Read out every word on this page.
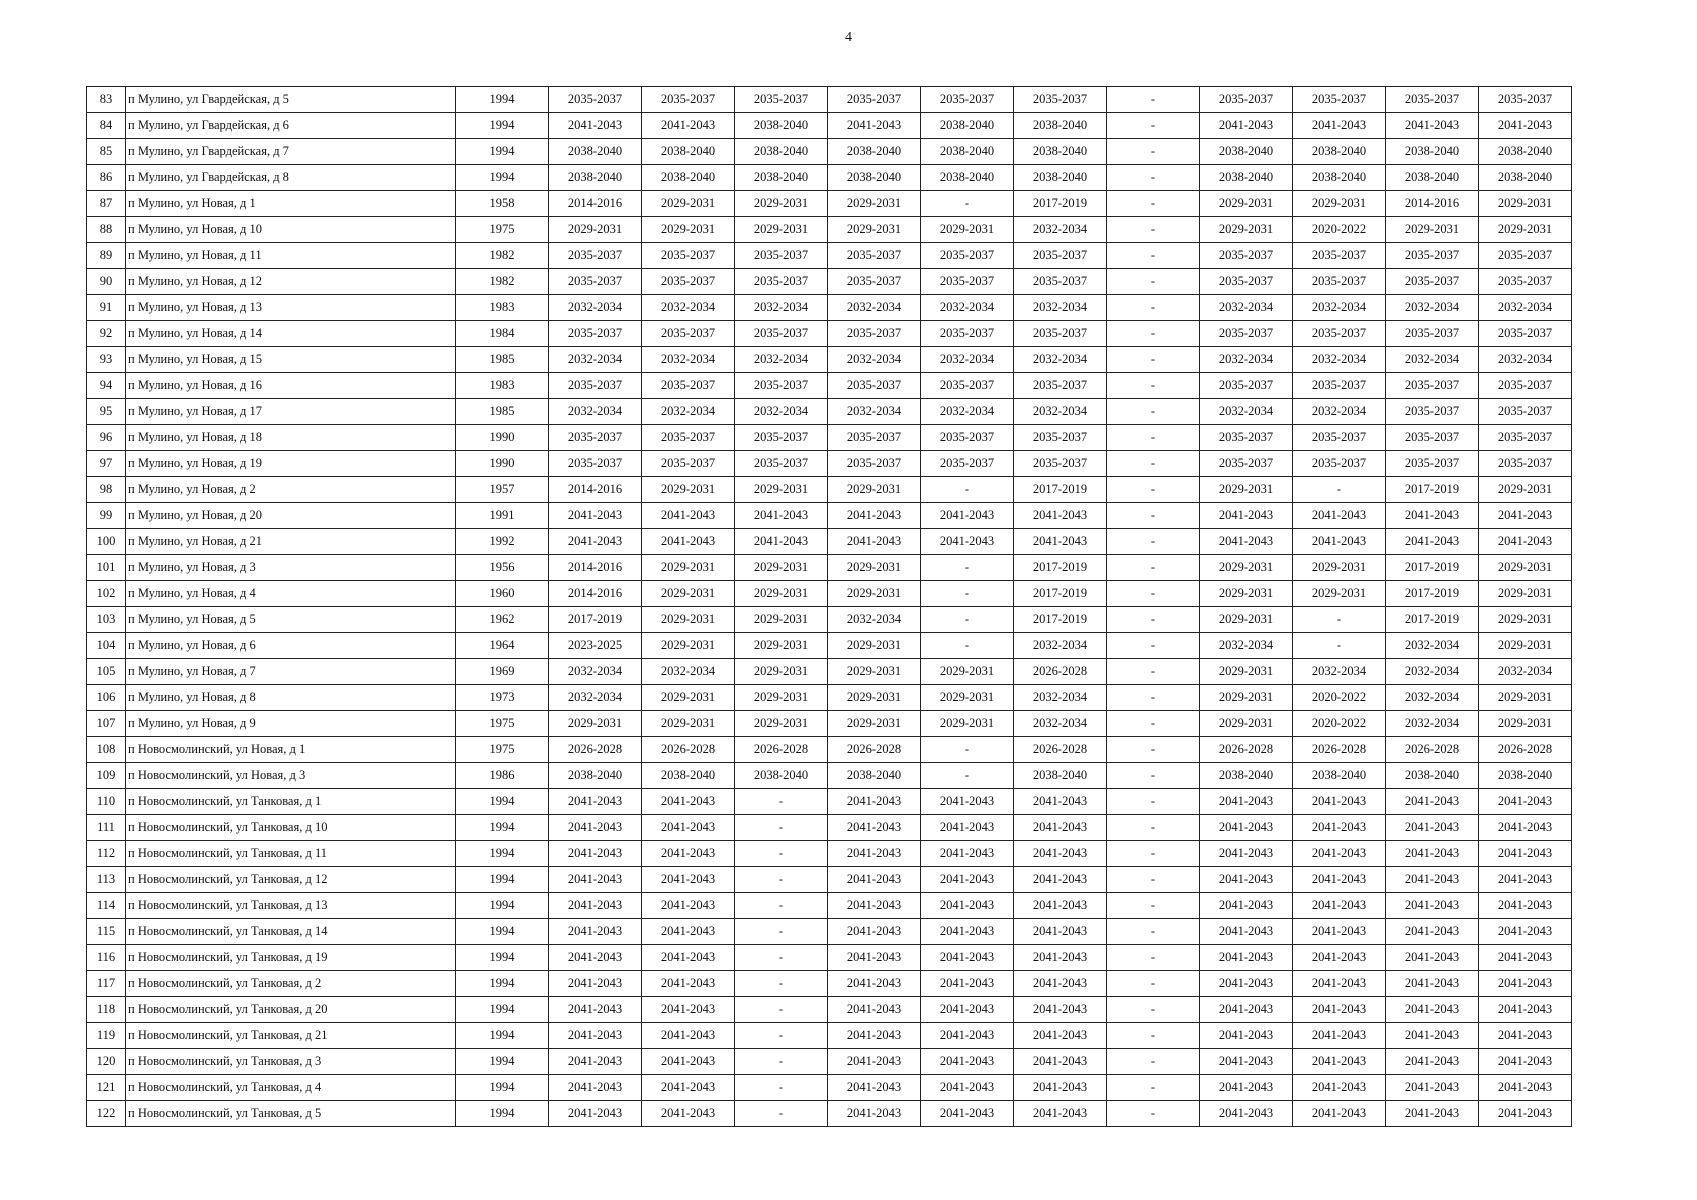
4
83	п Мулино, ул Гвардейская, д 5	1994	2035-2037	2035-2037	2035-2037	2035-2037	2035-2037	2035-2037	-	2035-2037	2035-2037	2035-2037	2035-2037
84	п Мулино, ул Гвардейская, д 6	1994	2041-2043	2041-2043	2038-2040	2041-2043	2038-2040	2038-2040	-	2041-2043	2041-2043	2041-2043	2041-2043
85	п Мулино, ул Гвардейская, д 7	1994	2038-2040	2038-2040	2038-2040	2038-2040	2038-2040	2038-2040	-	2038-2040	2038-2040	2038-2040	2038-2040
86	п Мулино, ул Гвардейская, д 8	1994	2038-2040	2038-2040	2038-2040	2038-2040	2038-2040	2038-2040	-	2038-2040	2038-2040	2038-2040	2038-2040
87	п Мулино, ул Новая, д 1	1958	2014-2016	2029-2031	2029-2031	2029-2031	-	2017-2019	-	2029-2031	2029-2031	2014-2016	2029-2031
88	п Мулино, ул Новая, д 10	1975	2029-2031	2029-2031	2029-2031	2029-2031	2029-2031	2032-2034	-	2029-2031	2020-2022	2029-2031	2029-2031
89	п Мулино, ул Новая, д 11	1982	2035-2037	2035-2037	2035-2037	2035-2037	2035-2037	2035-2037	-	2035-2037	2035-2037	2035-2037	2035-2037
90	п Мулино, ул Новая, д 12	1982	2035-2037	2035-2037	2035-2037	2035-2037	2035-2037	2035-2037	-	2035-2037	2035-2037	2035-2037	2035-2037
91	п Мулино, ул Новая, д 13	1983	2032-2034	2032-2034	2032-2034	2032-2034	2032-2034	2032-2034	-	2032-2034	2032-2034	2032-2034	2032-2034
92	п Мулино, ул Новая, д 14	1984	2035-2037	2035-2037	2035-2037	2035-2037	2035-2037	2035-2037	-	2035-2037	2035-2037	2035-2037	2035-2037
93	п Мулино, ул Новая, д 15	1985	2032-2034	2032-2034	2032-2034	2032-2034	2032-2034	2032-2034	-	2032-2034	2032-2034	2032-2034	2032-2034
94	п Мулино, ул Новая, д 16	1983	2035-2037	2035-2037	2035-2037	2035-2037	2035-2037	2035-2037	-	2035-2037	2035-2037	2035-2037	2035-2037
95	п Мулино, ул Новая, д 17	1985	2032-2034	2032-2034	2032-2034	2032-2034	2032-2034	2032-2034	-	2032-2034	2032-2034	2035-2037	2035-2037
96	п Мулино, ул Новая, д 18	1990	2035-2037	2035-2037	2035-2037	2035-2037	2035-2037	2035-2037	-	2035-2037	2035-2037	2035-2037	2035-2037
97	п Мулино, ул Новая, д 19	1990	2035-2037	2035-2037	2035-2037	2035-2037	2035-2037	2035-2037	-	2035-2037	2035-2037	2035-2037	2035-2037
98	п Мулино, ул Новая, д 2	1957	2014-2016	2029-2031	2029-2031	2029-2031	-	2017-2019	-	2029-2031	-	2017-2019	2029-2031
99	п Мулино, ул Новая, д 20	1991	2041-2043	2041-2043	2041-2043	2041-2043	2041-2043	2041-2043	-	2041-2043	2041-2043	2041-2043	2041-2043
100	п Мулино, ул Новая, д 21	1992	2041-2043	2041-2043	2041-2043	2041-2043	2041-2043	2041-2043	-	2041-2043	2041-2043	2041-2043	2041-2043
101	п Мулино, ул Новая, д 3	1956	2014-2016	2029-2031	2029-2031	2029-2031	-	2017-2019	-	2029-2031	2029-2031	2017-2019	2029-2031
102	п Мулино, ул Новая, д 4	1960	2014-2016	2029-2031	2029-2031	2029-2031	-	2017-2019	-	2029-2031	2029-2031	2017-2019	2029-2031
103	п Мулино, ул Новая, д 5	1962	2017-2019	2029-2031	2029-2031	2032-2034	-	2017-2019	-	2029-2031	-	2017-2019	2029-2031
104	п Мулино, ул Новая, д 6	1964	2023-2025	2029-2031	2029-2031	2029-2031	-	2032-2034	-	2032-2034	-	2032-2034	2029-2031
105	п Мулино, ул Новая, д 7	1969	2032-2034	2032-2034	2029-2031	2029-2031	2029-2031	2026-2028	-	2029-2031	2032-2034	2032-2034	2032-2034
106	п Мулино, ул Новая, д 8	1973	2032-2034	2029-2031	2029-2031	2029-2031	2029-2031	2032-2034	-	2029-2031	2020-2022	2032-2034	2029-2031
107	п Мулино, ул Новая, д 9	1975	2029-2031	2029-2031	2029-2031	2029-2031	2029-2031	2032-2034	-	2029-2031	2020-2022	2032-2034	2029-2031
108	п Новосмолинский, ул Новая, д 1	1975	2026-2028	2026-2028	2026-2028	2026-2028	-	2026-2028	-	2026-2028	2026-2028	2026-2028	2026-2028
109	п Новосмолинский, ул Новая, д 3	1986	2038-2040	2038-2040	2038-2040	2038-2040	-	2038-2040	-	2038-2040	2038-2040	2038-2040	2038-2040
110	п Новосмолинский, ул Танковая, д 1	1994	2041-2043	2041-2043	-	2041-2043	2041-2043	2041-2043	-	2041-2043	2041-2043	2041-2043	2041-2043
111	п Новосмолинский, ул Танковая, д 10	1994	2041-2043	2041-2043	-	2041-2043	2041-2043	2041-2043	-	2041-2043	2041-2043	2041-2043	2041-2043
112	п Новосмолинский, ул Танковая, д 11	1994	2041-2043	2041-2043	-	2041-2043	2041-2043	2041-2043	-	2041-2043	2041-2043	2041-2043	2041-2043
113	п Новосмолинский, ул Танковая, д 12	1994	2041-2043	2041-2043	-	2041-2043	2041-2043	2041-2043	-	2041-2043	2041-2043	2041-2043	2041-2043
114	п Новосмолинский, ул Танковая, д 13	1994	2041-2043	2041-2043	-	2041-2043	2041-2043	2041-2043	-	2041-2043	2041-2043	2041-2043	2041-2043
115	п Новосмолинский, ул Танковая, д 14	1994	2041-2043	2041-2043	-	2041-2043	2041-2043	2041-2043	-	2041-2043	2041-2043	2041-2043	2041-2043
116	п Новосмолинский, ул Танковая, д 19	1994	2041-2043	2041-2043	-	2041-2043	2041-2043	2041-2043	-	2041-2043	2041-2043	2041-2043	2041-2043
117	п Новосмолинский, ул Танковая, д 2	1994	2041-2043	2041-2043	-	2041-2043	2041-2043	2041-2043	-	2041-2043	2041-2043	2041-2043	2041-2043
118	п Новосмолинский, ул Танковая, д 20	1994	2041-2043	2041-2043	-	2041-2043	2041-2043	2041-2043	-	2041-2043	2041-2043	2041-2043	2041-2043
119	п Новосмолинский, ул Танковая, д 21	1994	2041-2043	2041-2043	-	2041-2043	2041-2043	2041-2043	-	2041-2043	2041-2043	2041-2043	2041-2043
120	п Новосмолинский, ул Танковая, д 3	1994	2041-2043	2041-2043	-	2041-2043	2041-2043	2041-2043	-	2041-2043	2041-2043	2041-2043	2041-2043
121	п Новосмолинский, ул Танковая, д 4	1994	2041-2043	2041-2043	-	2041-2043	2041-2043	2041-2043	-	2041-2043	2041-2043	2041-2043	2041-2043
122	п Новосмолинский, ул Танковая, д 5	1994	2041-2043	2041-2043	-	2041-2043	2041-2043	2041-2043	-	2041-2043	2041-2043	2041-2043	2041-2043
